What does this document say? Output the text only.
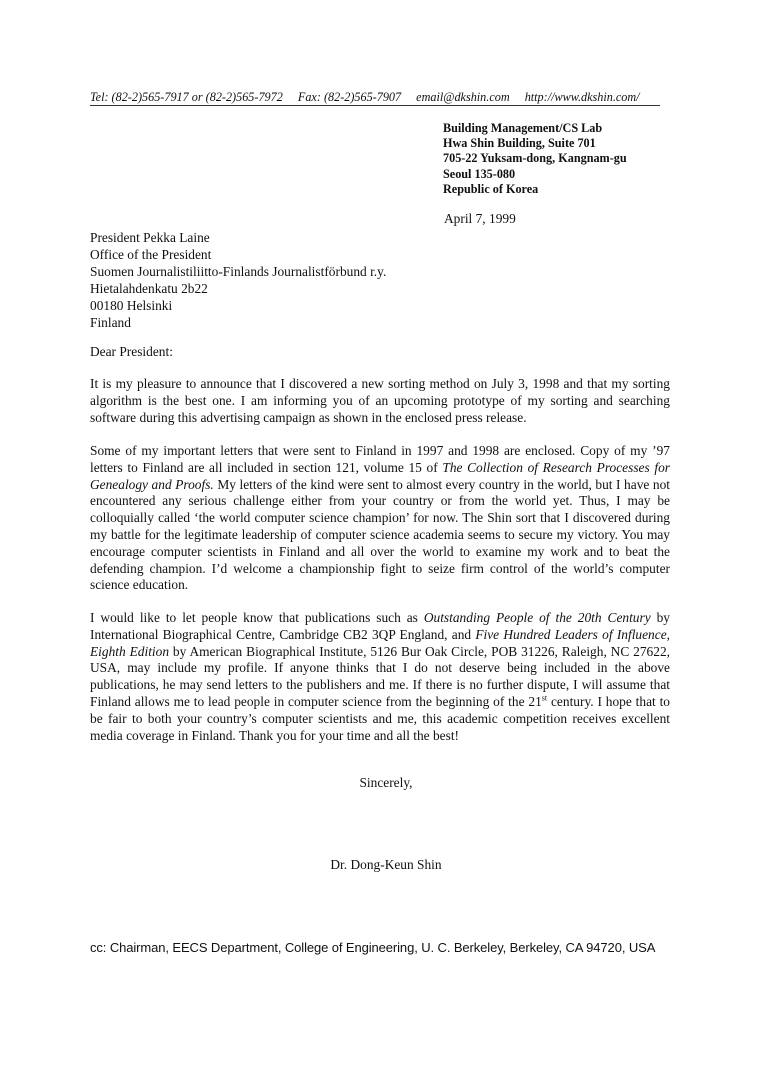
Tel: (82-2)565-7917 or (82-2)565-7972 Fax: (82-2)565-7907 email@dkshin.com http://www.dkshin.com/
Building Management/CS Lab
Hwa Shin Building, Suite 701
705-22 Yuksam-dong, Kangnam-gu
Seoul 135-080
Republic of Korea
April 7, 1999
President Pekka Laine
Office of the President
Suomen Journalistiliitto-Finlands Journalistförbund r.y.
Hietalahdenkatu 2b22
00180 Helsinki
Finland
Dear President:
It is my pleasure to announce that I discovered a new sorting method on July 3, 1998 and that my sorting algorithm is the best one. I am informing you of an upcoming prototype of my sorting and searching software during this advertising campaign as shown in the enclosed press release.
Some of my important letters that were sent to Finland in 1997 and 1998 are enclosed. Copy of my ’97 letters to Finland are all included in section 121, volume 15 of The Collection of Research Processes for Genealogy and Proofs. My letters of the kind were sent to almost every country in the world, but I have not encountered any serious challenge either from your country or from the world yet. Thus, I may be colloquially called ‘the world computer science champion’ for now. The Shin sort that I discovered during my battle for the legitimate leadership of computer science academia seems to secure my victory. You may encourage computer scientists in Finland and all over the world to examine my work and to beat the defending champion. I’d welcome a championship fight to seize firm control of the world’s computer science education.
I would like to let people know that publications such as Outstanding People of the 20th Century by International Biographical Centre, Cambridge CB2 3QP England, and Five Hundred Leaders of Influence, Eighth Edition by American Biographical Institute, 5126 Bur Oak Circle, POB 31226, Raleigh, NC 27622, USA, may include my profile. If anyone thinks that I do not deserve being included in the above publications, he may send letters to the publishers and me. If there is no further dispute, I will assume that Finland allows me to lead people in computer science from the beginning of the 21st century. I hope that to be fair to both your country’s computer scientists and me, this academic competition receives excellent media coverage in Finland. Thank you for your time and all the best!
Sincerely,
Dr. Dong-Keun Shin
cc: Chairman, EECS Department, College of Engineering, U. C. Berkeley, Berkeley, CA 94720, USA
